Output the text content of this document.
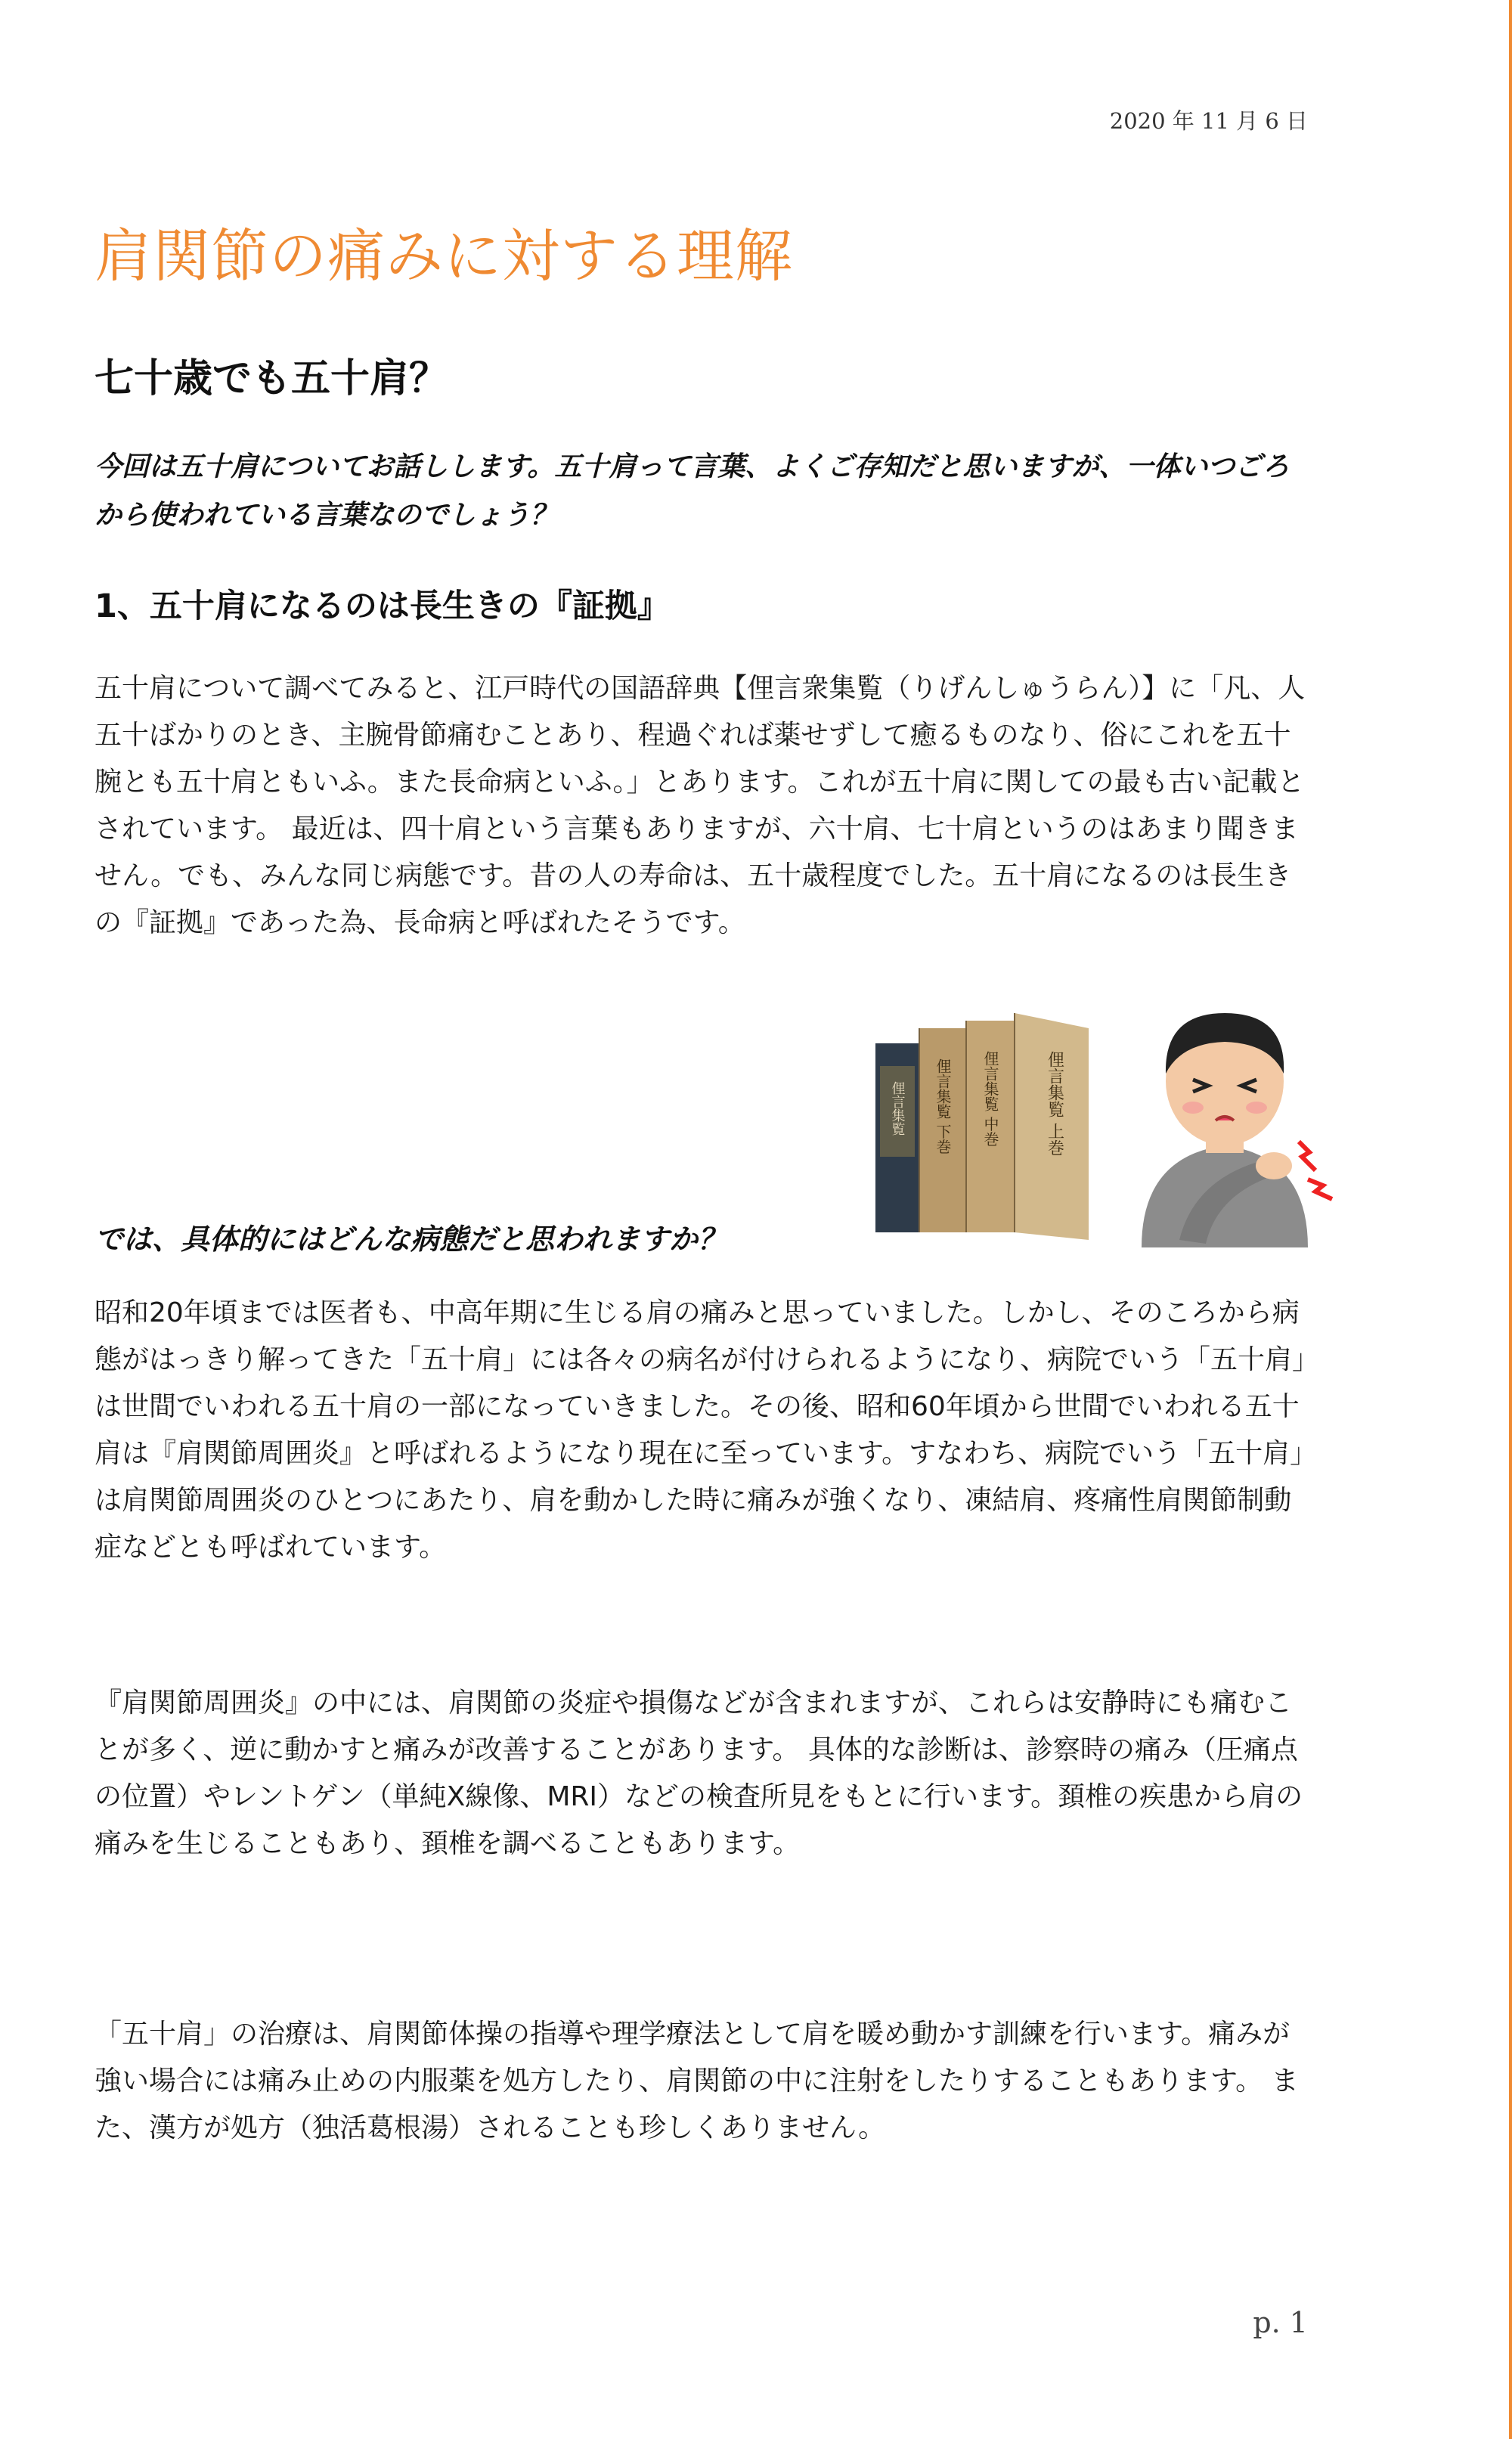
2020 年 11 月 6 日
肩関節の痛みに対する理解
七十歳でも五十肩？

今回は五十肩についてお話しします。五十肩って言葉、よくご存知だと思いますが、一体いつごろから使われている言葉なのでしょう？

1、五十肩になるのは長生きの『証拠』

五十肩について調べてみると、江戸時代の国語辞典【俚言衆集覧（りげんしゅうらん）】に「凡、人五十ばかりのとき、主腕骨節痛むことあり、程過ぐれば薬せずして癒るものなり、俗にこれを五十腕とも五十肩ともいふ。また長命病といふ。」とあります。これが五十肩に関しての最も古い記載とされています。 最近は、四十肩という言葉もありますが、六十肩、七十肩というのはあまり聞きません。でも、みんな同じ病態です。昔の人の寿命は、五十歳程度でした。五十肩になるのは長生きの『証拠』であった為、長命病と呼ばれたそうです。

俚言集覧 下巻 俚言集覧 中巻	俚言集覧 上巻
俚言集覧

では、具体的にはどんな病態だと思われますか？

昭和20年頃までは医者も、中高年期に生じる肩の痛みと思っていました。しかし、そのころから病態がはっきり解ってきた「五十肩」には各々の病名が付けられるようになり、病院でいう「五十肩」は世間でいわれる五十肩の一部になっていきました。その後、昭和60年頃から世間でいわれる五十肩は『肩関節周囲炎』と呼ばれるようになり現在に至っています。すなわち、病院でいう「五十肩」は肩関節周囲炎のひとつにあたり、肩を動かした時に痛みが強くなり、凍結肩、疼痛性肩関節制動症などとも呼ばれています。

『肩関節周囲炎』の中には、肩関節の炎症や損傷などが含まれますが、これらは安静時にも痛むことが多く、逆に動かすと痛みが改善することがあります。 具体的な診断は、診察時の痛み（圧痛点の位置）やレントゲン（単純X線像、MRI）などの検査所見をもとに行います。頚椎の疾患から肩の痛みを生じることもあり、頚椎を調べることもあります。

「五十肩」の治療は、肩関節体操の指導や理学療法として肩を暖め動かす訓練を行います。痛みが強い場合には痛み止めの内服薬を処方したり、肩関節の中に注射をしたりすることもあります。 また、漢方が処方（独活葛根湯）されることも珍しくありません。

p. 1
